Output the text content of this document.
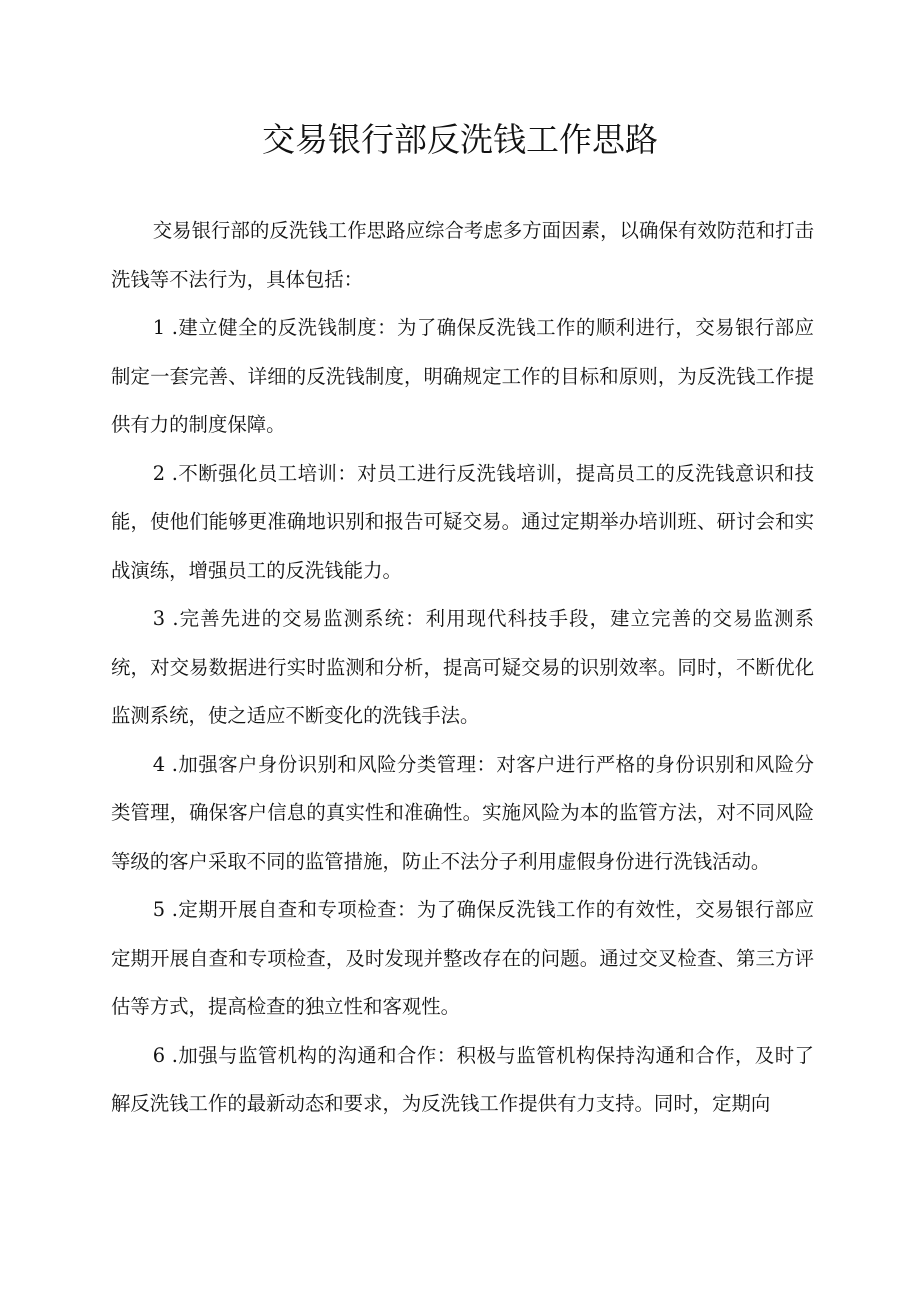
交易银行部反洗钱工作思路

交易银行部的反洗钱工作思路应综合考虑多方面因素，以确保有效防范和打击洗钱等不法行为，具体包括：

1 .建立健全的反洗钱制度：为了确保反洗钱工作的顺利进行，交易银行部应制定一套完善、详细的反洗钱制度，明确规定工作的目标和原则，为反洗钱工作提供有力的制度保障。

2 .不断强化员工培训：对员工进行反洗钱培训，提高员工的反洗钱意识和技能，使他们能够更准确地识别和报告可疑交易。通过定期举办培训班、研讨会和实战演练，增强员工的反洗钱能力。

3 .完善先进的交易监测系统：利用现代科技手段，建立完善的交易监测系统，对交易数据进行实时监测和分析，提高可疑交易的识别效率。同时，不断优化监测系统，使之适应不断变化的洗钱手法。

4 .加强客户身份识别和风险分类管理：对客户进行严格的身份识别和风险分类管理，确保客户信息的真实性和准确性。实施风险为本的监管方法，对不同风险等级的客户采取不同的监管措施，防止不法分子利用虚假身份进行洗钱活动。

5 .定期开展自查和专项检查：为了确保反洗钱工作的有效性，交易银行部应定期开展自查和专项检查，及时发现并整改存在的问题。通过交叉检查、第三方评估等方式，提高检查的独立性和客观性。

6 .加强与监管机构的沟通和合作：积极与监管机构保持沟通和合作，及时了解反洗钱工作的最新动态和要求，为反洗钱工作提供有力支持。同时，定期向
